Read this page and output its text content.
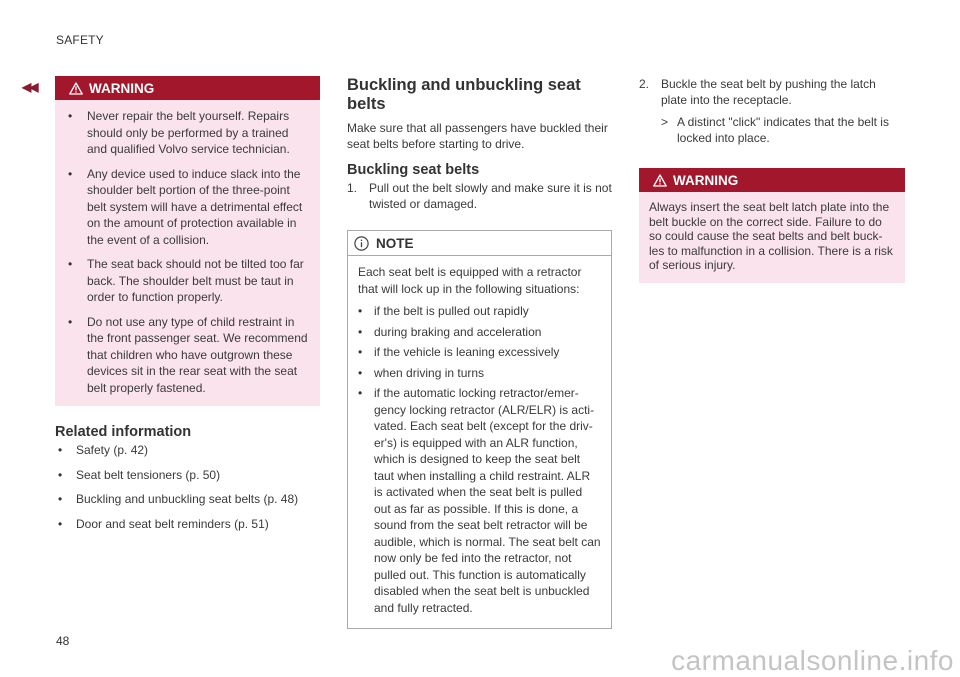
SAFETY
◀◀	WARNING
• Never repair the belt yourself. Repairs should only be performed by a trained and qualified Volvo service technician.
• Any device used to induce slack into the shoulder belt portion of the three-point belt system will have a detrimental effect on the amount of protection available in the event of a collision.
• The seat back should not be tilted too far back. The shoulder belt must be taut in order to function properly.
• Do not use any type of child restraint in the front passenger seat. We recommend that children who have outgrown these devices sit in the rear seat with the seat belt properly fastened.
Related information
• Safety (p. 42)
• Seat belt tensioners (p. 50)
• Buckling and unbuckling seat belts (p. 48)
• Door and seat belt reminders (p. 51)
Buckling and unbuckling seat belts

Make sure that all passengers have buckled their seat belts before starting to drive.

Buckling seat belts
1. Pull out the belt slowly and make sure it is not twisted or damaged.
NOTE

Each seat belt is equipped with a retractor that will lock up in the following situations:

• if the belt is pulled out rapidly
• during braking and acceleration
• if the vehicle is leaning excessively
• when driving in turns
• if the automatic locking retractor/emer-gency locking retractor (ALR/ELR) is acti-vated. Each seat belt (except for the driv-er's) is equipped with an ALR function, which is designed to keep the seat belt taut when installing a child restraint. ALR is activated when the seat belt is pulled out as far as possible. If this is done, a sound from the seat belt retractor will be audible, which is normal. The seat belt can now only be fed into the retractor, not pulled out. This function is automatically disabled when the seat belt is unbuckled and fully retracted.
2. Buckle the seat belt by pushing the latch plate into the receptacle.
> A distinct "click" indicates that the belt is locked into place.
WARNING
Always insert the seat belt latch plate into the belt buckle on the correct side. Failure to do so could cause the seat belts and belt buck-les to malfunction in a collision. There is a risk of serious injury.
48
carmanualsonline.info
